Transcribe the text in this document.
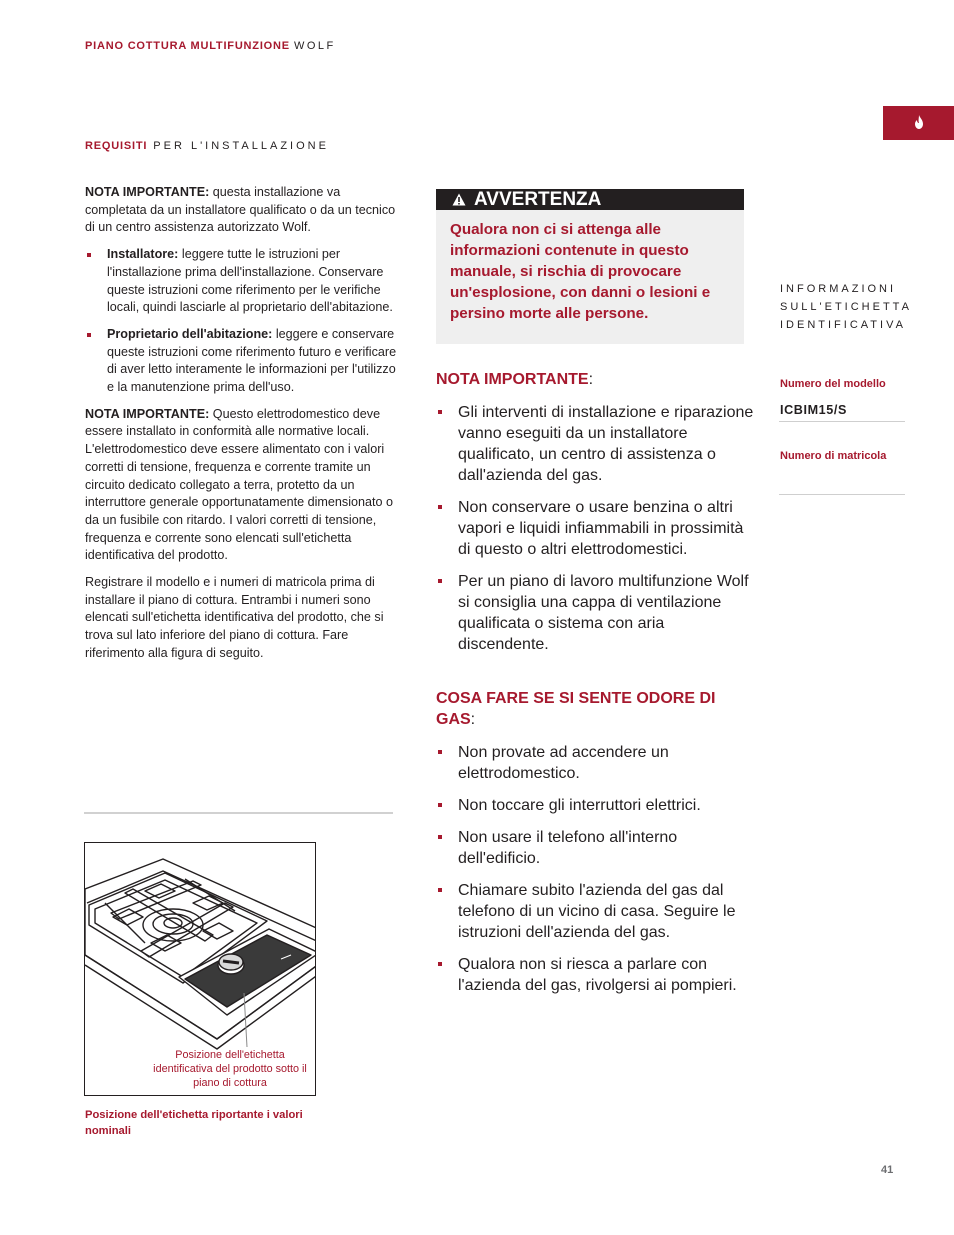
PIANO COTTURA MULTIFUNZIONE WOLF
REQUISITI PER L'INSTALLAZIONE

NOTA IMPORTANTE: questa installazione va completata da un installatore qualificato o da un tecnico di un centro assistenza autorizzato Wolf.

Installatore: leggere tutte le istruzioni per l'installazione prima dell'installazione. Conservare queste istruzioni come riferimento per le verifiche locali, quindi lasciarle al proprietario dell'abitazione.
Proprietario dell'abitazione: leggere e conservare queste istruzioni come riferimento futuro e verificare di aver letto interamente le informazioni per l'utilizzo e la manutenzione prima dell'uso.

NOTA IMPORTANTE: Questo elettrodomestico deve essere installato in conformità alle normative locali. L'elettrodomestico deve essere alimentato con i valori corretti di tensione, frequenza e corrente tramite un circuito dedicato collegato a terra, protetto da un interruttore generale opportunatamente dimensionato o da un fusibile con ritardo. I valori corretti di tensione, frequenza e corrente sono elencati sull'etichetta identificativa del prodotto.

Registrare il modello e i numeri di matricola prima di installare il piano di cottura. Entrambi i numeri sono elencati sull'etichetta identificativa del prodotto, che si trova sul lato inferiore del piano di cottura. Fare riferimento alla figura di seguito.

Posizione dell'etichetta identificativa del prodotto sotto il piano di cottura
Posizione dell'etichetta riportante i valori nominali
AVVERTENZA
Qualora non ci si attenga alle informazioni contenute in questo manuale, si rischia di provocare un'esplosione, con danni o lesioni e persino morte alle persone.
NOTA IMPORTANTE:
Gli interventi di installazione e riparazione vanno eseguiti da un installatore qualificato, un centro di assistenza o dall'azienda del gas.
Non conservare o usare benzina o altri vapori e liquidi infiammabili in prossimità di questo o altri elettrodomestici.
Per un piano di lavoro multifunzione Wolf si consiglia una cappa di ventilazione qualificata o sistema con aria discendente.
COSA FARE SE SI SENTE ODORE DI GAS:
Non provate ad accendere un elettrodomestico.
Non toccare gli interruttori elettrici.
Non usare il telefono all'interno dell'edificio.
Chiamare subito l'azienda del gas dal telefono di un vicino di casa. Seguire le istruzioni dell'azienda del gas.
Qualora non si riesca a parlare con l'azienda del gas, rivolgersi ai pompieri.
INFORMAZIONI SULL'ETICHETTA IDENTIFICATIVA
Numero del modello
ICBIM15/S
Numero di matricola
41
